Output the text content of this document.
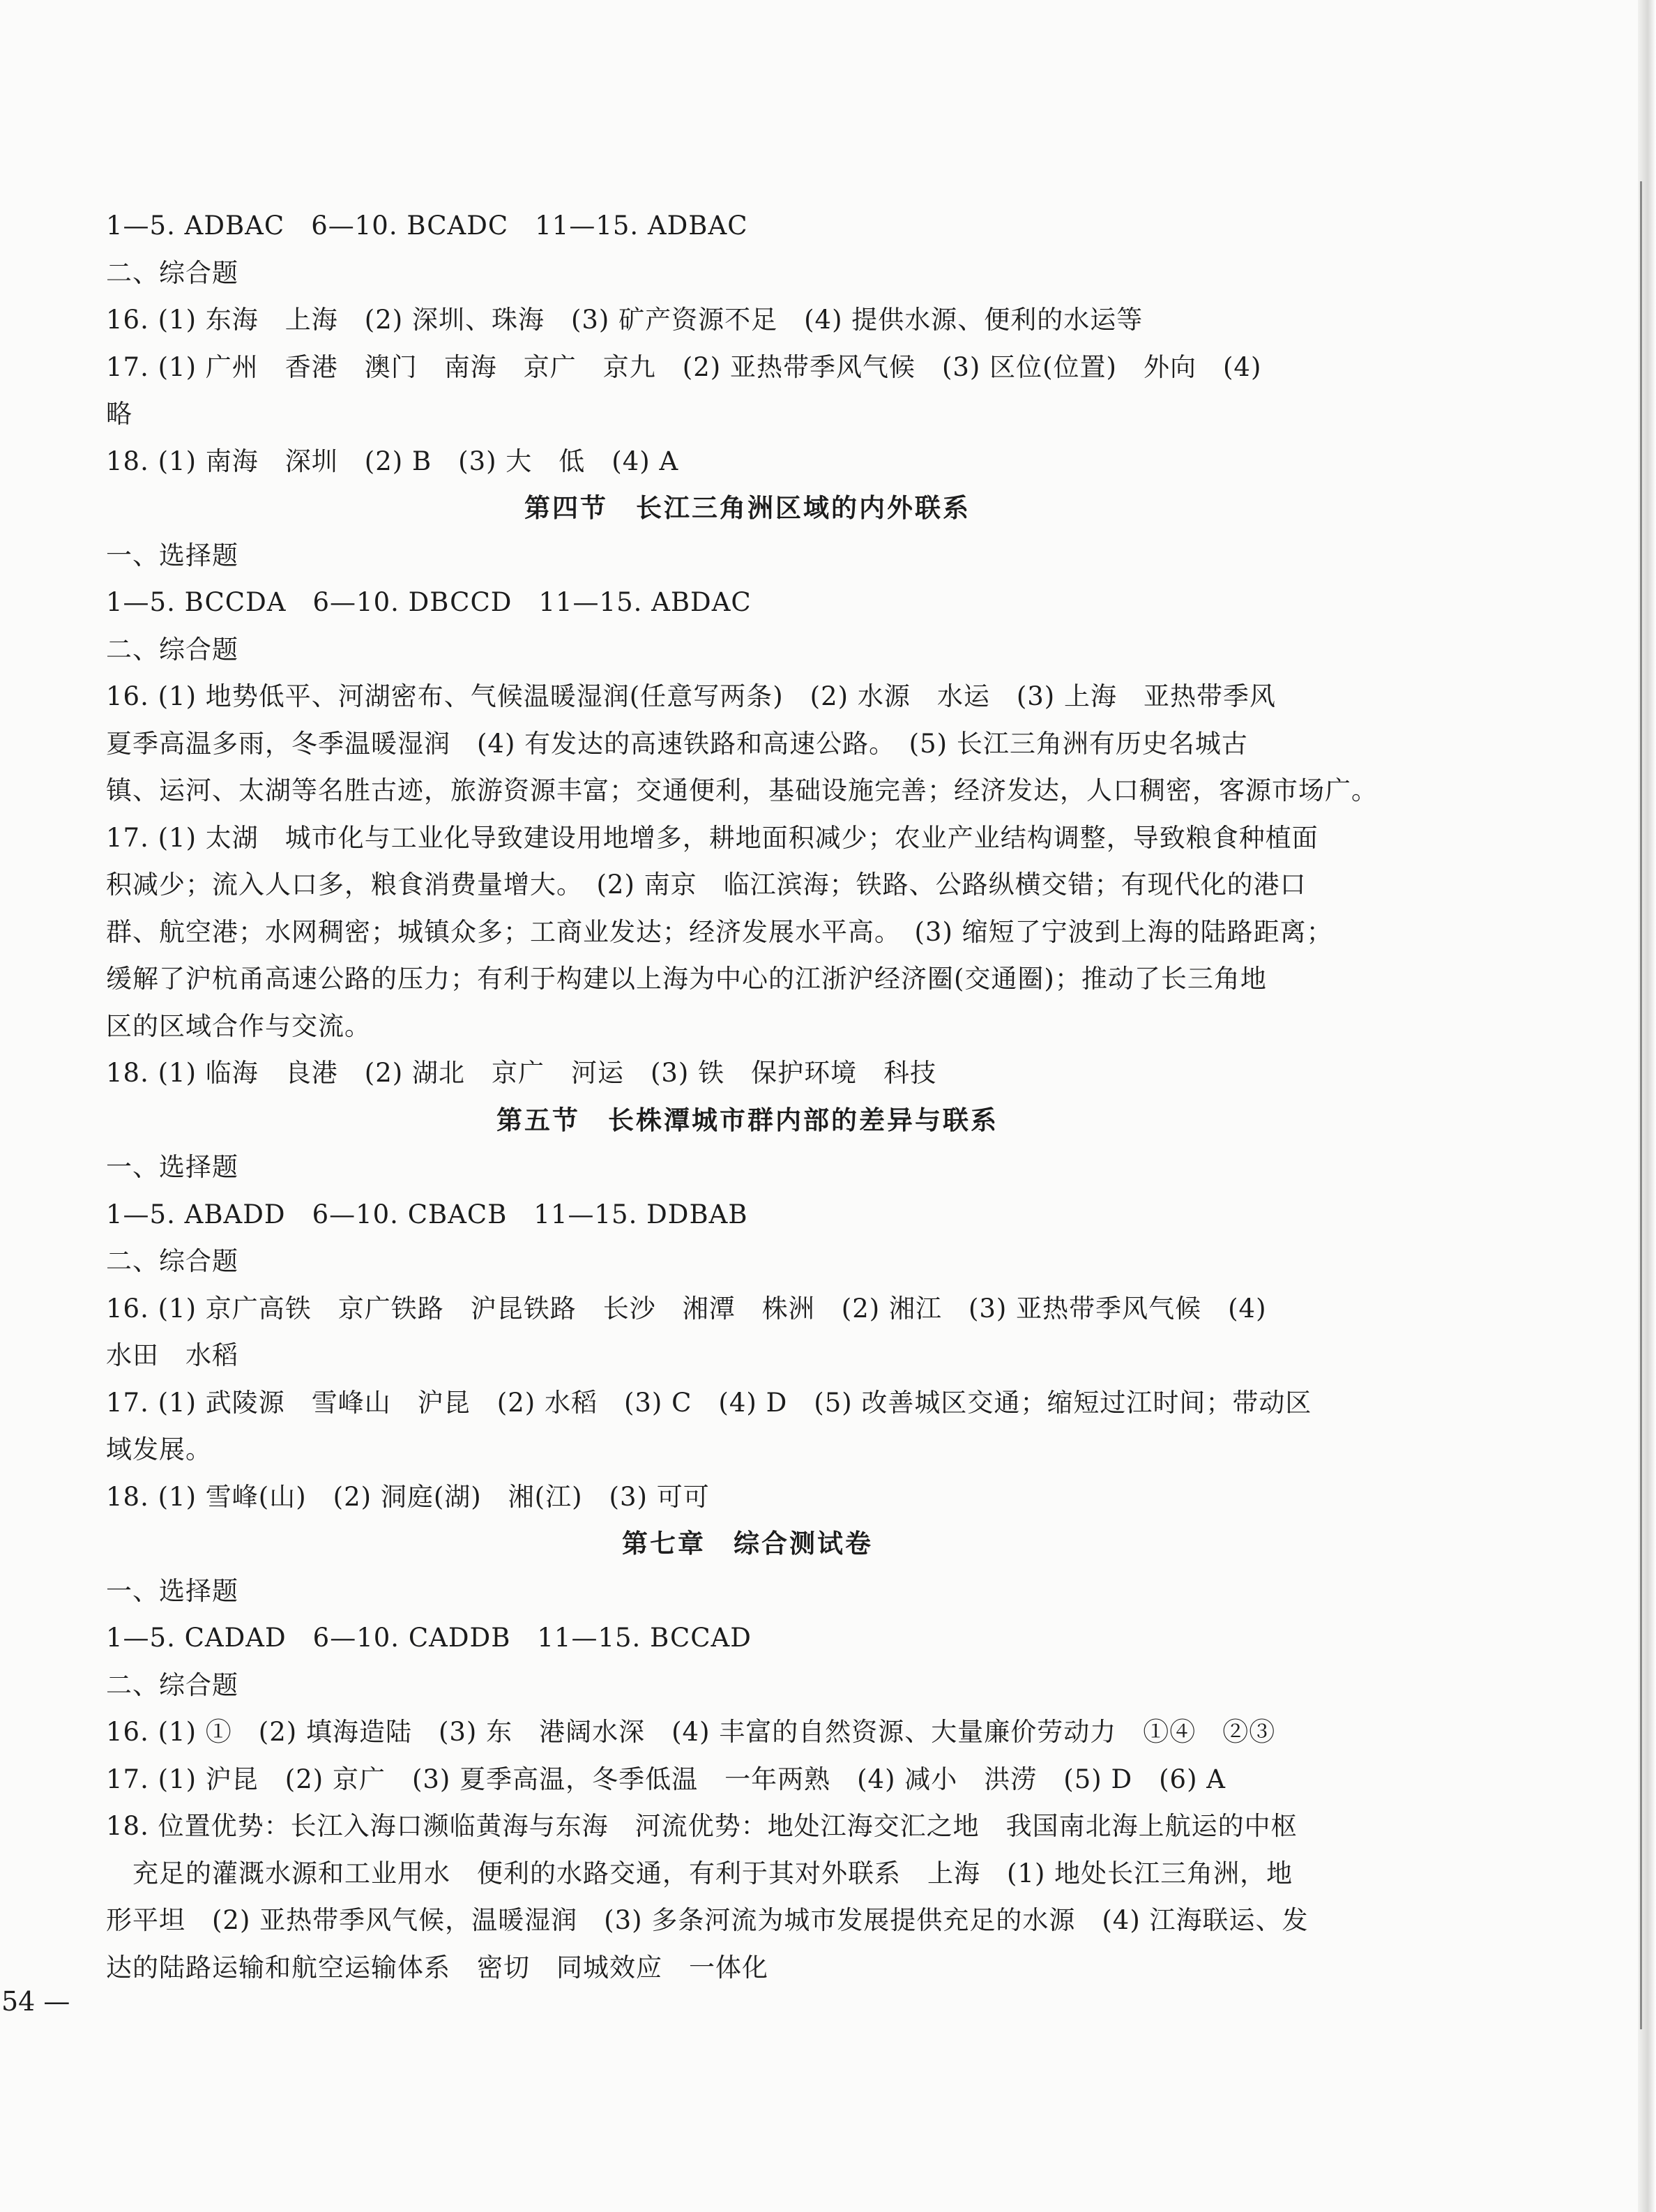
1—5. ADBAC　6—10. BCADC　11—15. ADBAC
二、综合题
16. (1) 东海　上海　(2) 深圳、珠海　(3) 矿产资源不足　(4) 提供水源、便利的水运等
17. (1) 广州　香港　澳门　南海　京广　京九　(2) 亚热带季风气候　(3) 区位(位置)　外向　(4)
略
18. (1) 南海　深圳　(2) B　(3) 大　低　(4) A
第四节　长江三角洲区域的内外联系
一、选择题
1—5. BCCDA　6—10. DBCCD　11—15. ABDAC
二、综合题
16. (1) 地势低平、河湖密布、气候温暖湿润(任意写两条)　(2) 水源　水运　(3) 上海　亚热带季风
夏季高温多雨，冬季温暖湿润　(4) 有发达的高速铁路和高速公路。　(5) 长江三角洲有历史名城古
镇、运河、太湖等名胜古迹，旅游资源丰富；交通便利，基础设施完善；经济发达，人口稠密，客源市场广。
17. (1) 太湖　城市化与工业化导致建设用地增多，耕地面积减少；农业产业结构调整，导致粮食种植面
积减少；流入人口多，粮食消费量增大。　(2) 南京　临江滨海；铁路、公路纵横交错；有现代化的港口
群、航空港；水网稠密；城镇众多；工商业发达；经济发展水平高。　(3) 缩短了宁波到上海的陆路距离；
缓解了沪杭甬高速公路的压力；有利于构建以上海为中心的江浙沪经济圈(交通圈)；推动了长三角地
区的区域合作与交流。
18. (1) 临海　良港　(2) 湖北　京广　河运　(3) 铁　保护环境　科技
第五节　长株潭城市群内部的差异与联系
一、选择题
1—5. ABADD　6—10. CBACB　11—15. DDBAB
二、综合题
16. (1) 京广高铁　京广铁路　沪昆铁路　长沙　湘潭　株洲　(2) 湘江　(3) 亚热带季风气候　(4)
水田　水稻
17. (1) 武陵源　雪峰山　沪昆　(2) 水稻　(3) C　(4) D　(5) 改善城区交通；缩短过江时间；带动区
域发展。
18. (1) 雪峰(山)　(2) 洞庭(湖)　湘(江)　(3) 可可
第七章　综合测试卷
一、选择题
1—5. CADAD　6—10. CADDB　11—15. BCCAD
二、综合题
16. (1) ①　(2) 填海造陆　(3) 东　港阔水深　(4) 丰富的自然资源、大量廉价劳动力　①④　②③
17. (1) 沪昆　(2) 京广　(3) 夏季高温，冬季低温　一年两熟　(4) 减小　洪涝　(5) D　(6) A
18. 位置优势：长江入海口濒临黄海与东海　河流优势：地处江海交汇之地　我国南北海上航运的中枢
充足的灌溉水源和工业用水　便利的水路交通，有利于其对外联系　上海　(1) 地处长江三角洲，地
形平坦　(2) 亚热带季风气候，温暖湿润　(3) 多条河流为城市发展提供充足的水源　(4) 江海联运、发
达的陆路运输和航空运输体系　密切　同城效应　一体化
54 —
